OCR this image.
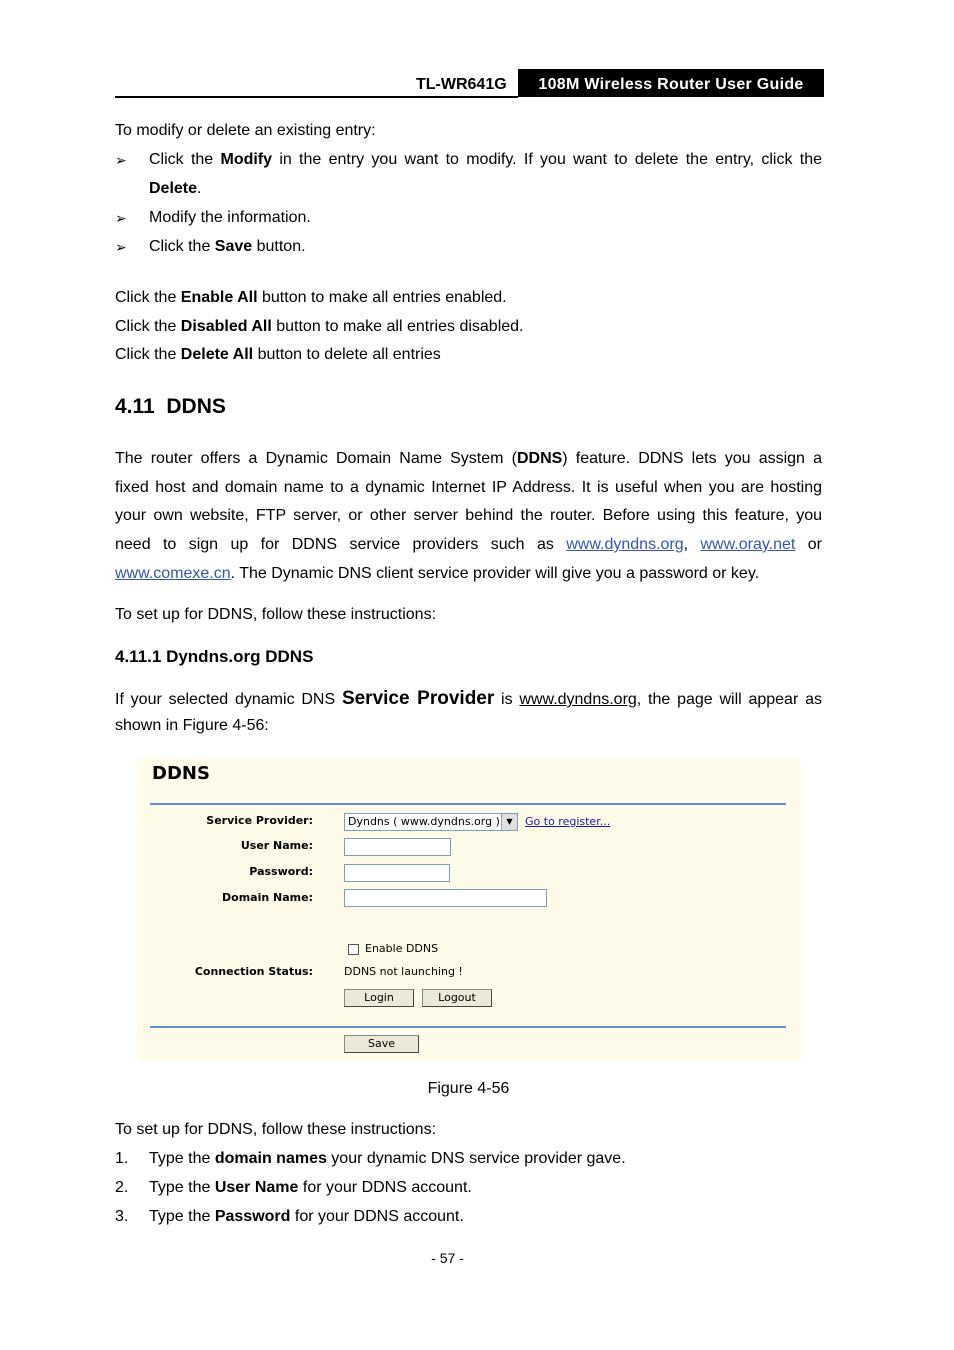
TL-WR641G	108M Wireless Router User Guide
To modify or delete an existing entry:
➢ Click the Modify in the entry you want to modify. If you want to delete the entry, click the
Delete.
➢ Modify the information.
➢ Click the Save button.
Click the Enable All button to make all entries enabled.
Click the Disabled All button to make all entries disabled.
Click the Delete All button to delete all entries
4.11 DDNS
The router offers a Dynamic Domain Name System (DDNS) feature. DDNS lets you assign a
fixed host and domain name to a dynamic Internet IP Address. It is useful when you are hosting
your own website, FTP server, or other server behind the router. Before using this feature, you
need to sign up for DDNS service providers such as www.dyndns.org, www.oray.net or
www.comexe.cn. The Dynamic DNS client service provider will give you a password or key.
To set up for DDNS, follow these instructions:
4.11.1 Dyndns.org DDNS
If your selected dynamic DNS Service Provider is www.dyndns.org, the page will appear as
shown in Figure 4-56:
DDNS
Service Provider:	Dyndns ( www.dyndns.org ) ▼	Go to register...
User Name:
Password:
Domain Name:
Enable DDNS
Connection Status:	DDNS not launching !
Login	Logout
Save
Figure 4-56
To set up for DDNS, follow these instructions:
1. Type the domain names your dynamic DNS service provider gave.
2. Type the User Name for your DDNS account.
3. Type the Password for your DDNS account.
- 57 -
